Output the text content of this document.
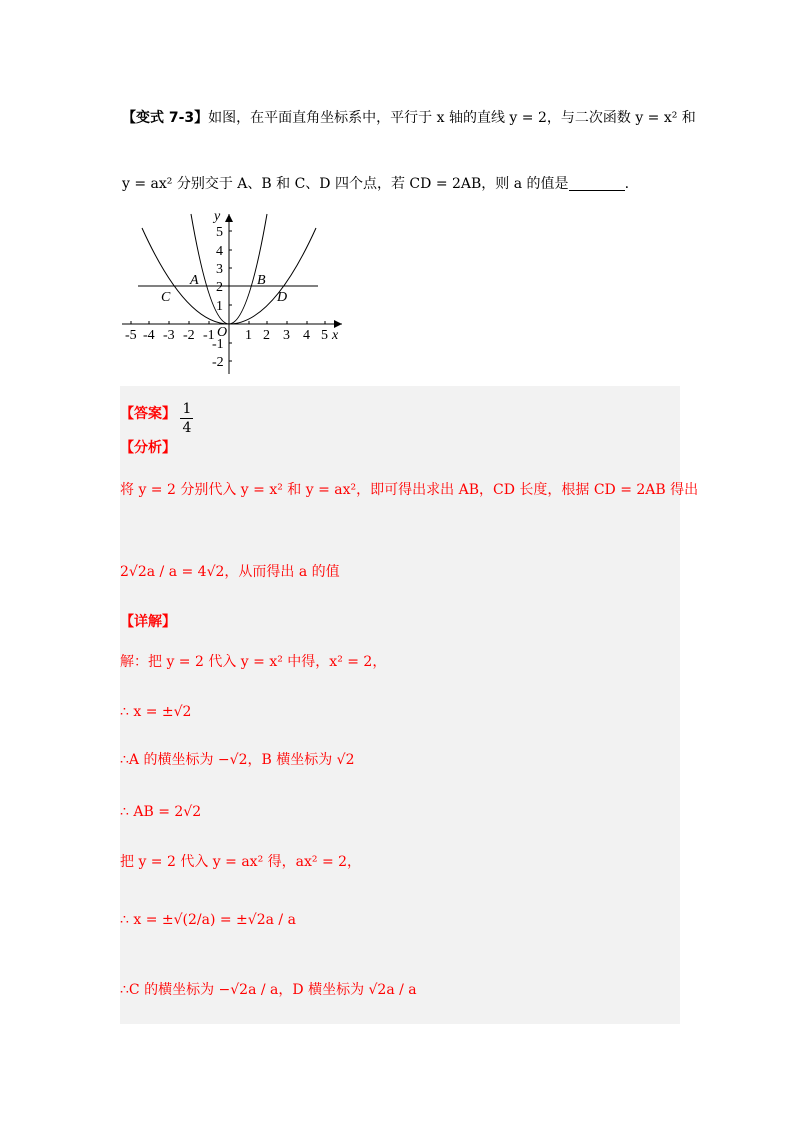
【变式 7-3】如图，在平面直角坐标系中，平行于 x 轴的直线 y = 2，与二次函数 y = x² 和
y = ax² 分别交于 A、B 和 C、D 四个点，若 CD = 2AB，则 a 的值是	.
-5 -4 -3 -2 -1 1 2 3 4 5
5
4
3
2
1
-1
-2
x
y
O
A	B
C	D
【答案】 $\frac{1}{4}$
【分析】
将 y = 2 分别代入 y = x² 和 y = ax²，即可得出求出 AB，CD 长度，根据 CD = 2AB 得出
2√2a / a = 4√2，从而得出 a 的值
【详解】
解：把 y = 2 代入 y = x² 中得，x² = 2，
∴ x = ±√2
∴A 的横坐标为 −√2，B 横坐标为 √2
∴ AB = 2√2
把 y = 2 代入 y = ax² 得，ax² = 2，
∴ x = ±√(2/a) = ±√2a / a
∴C 的横坐标为 −√2a / a，D 横坐标为 √2a / a
